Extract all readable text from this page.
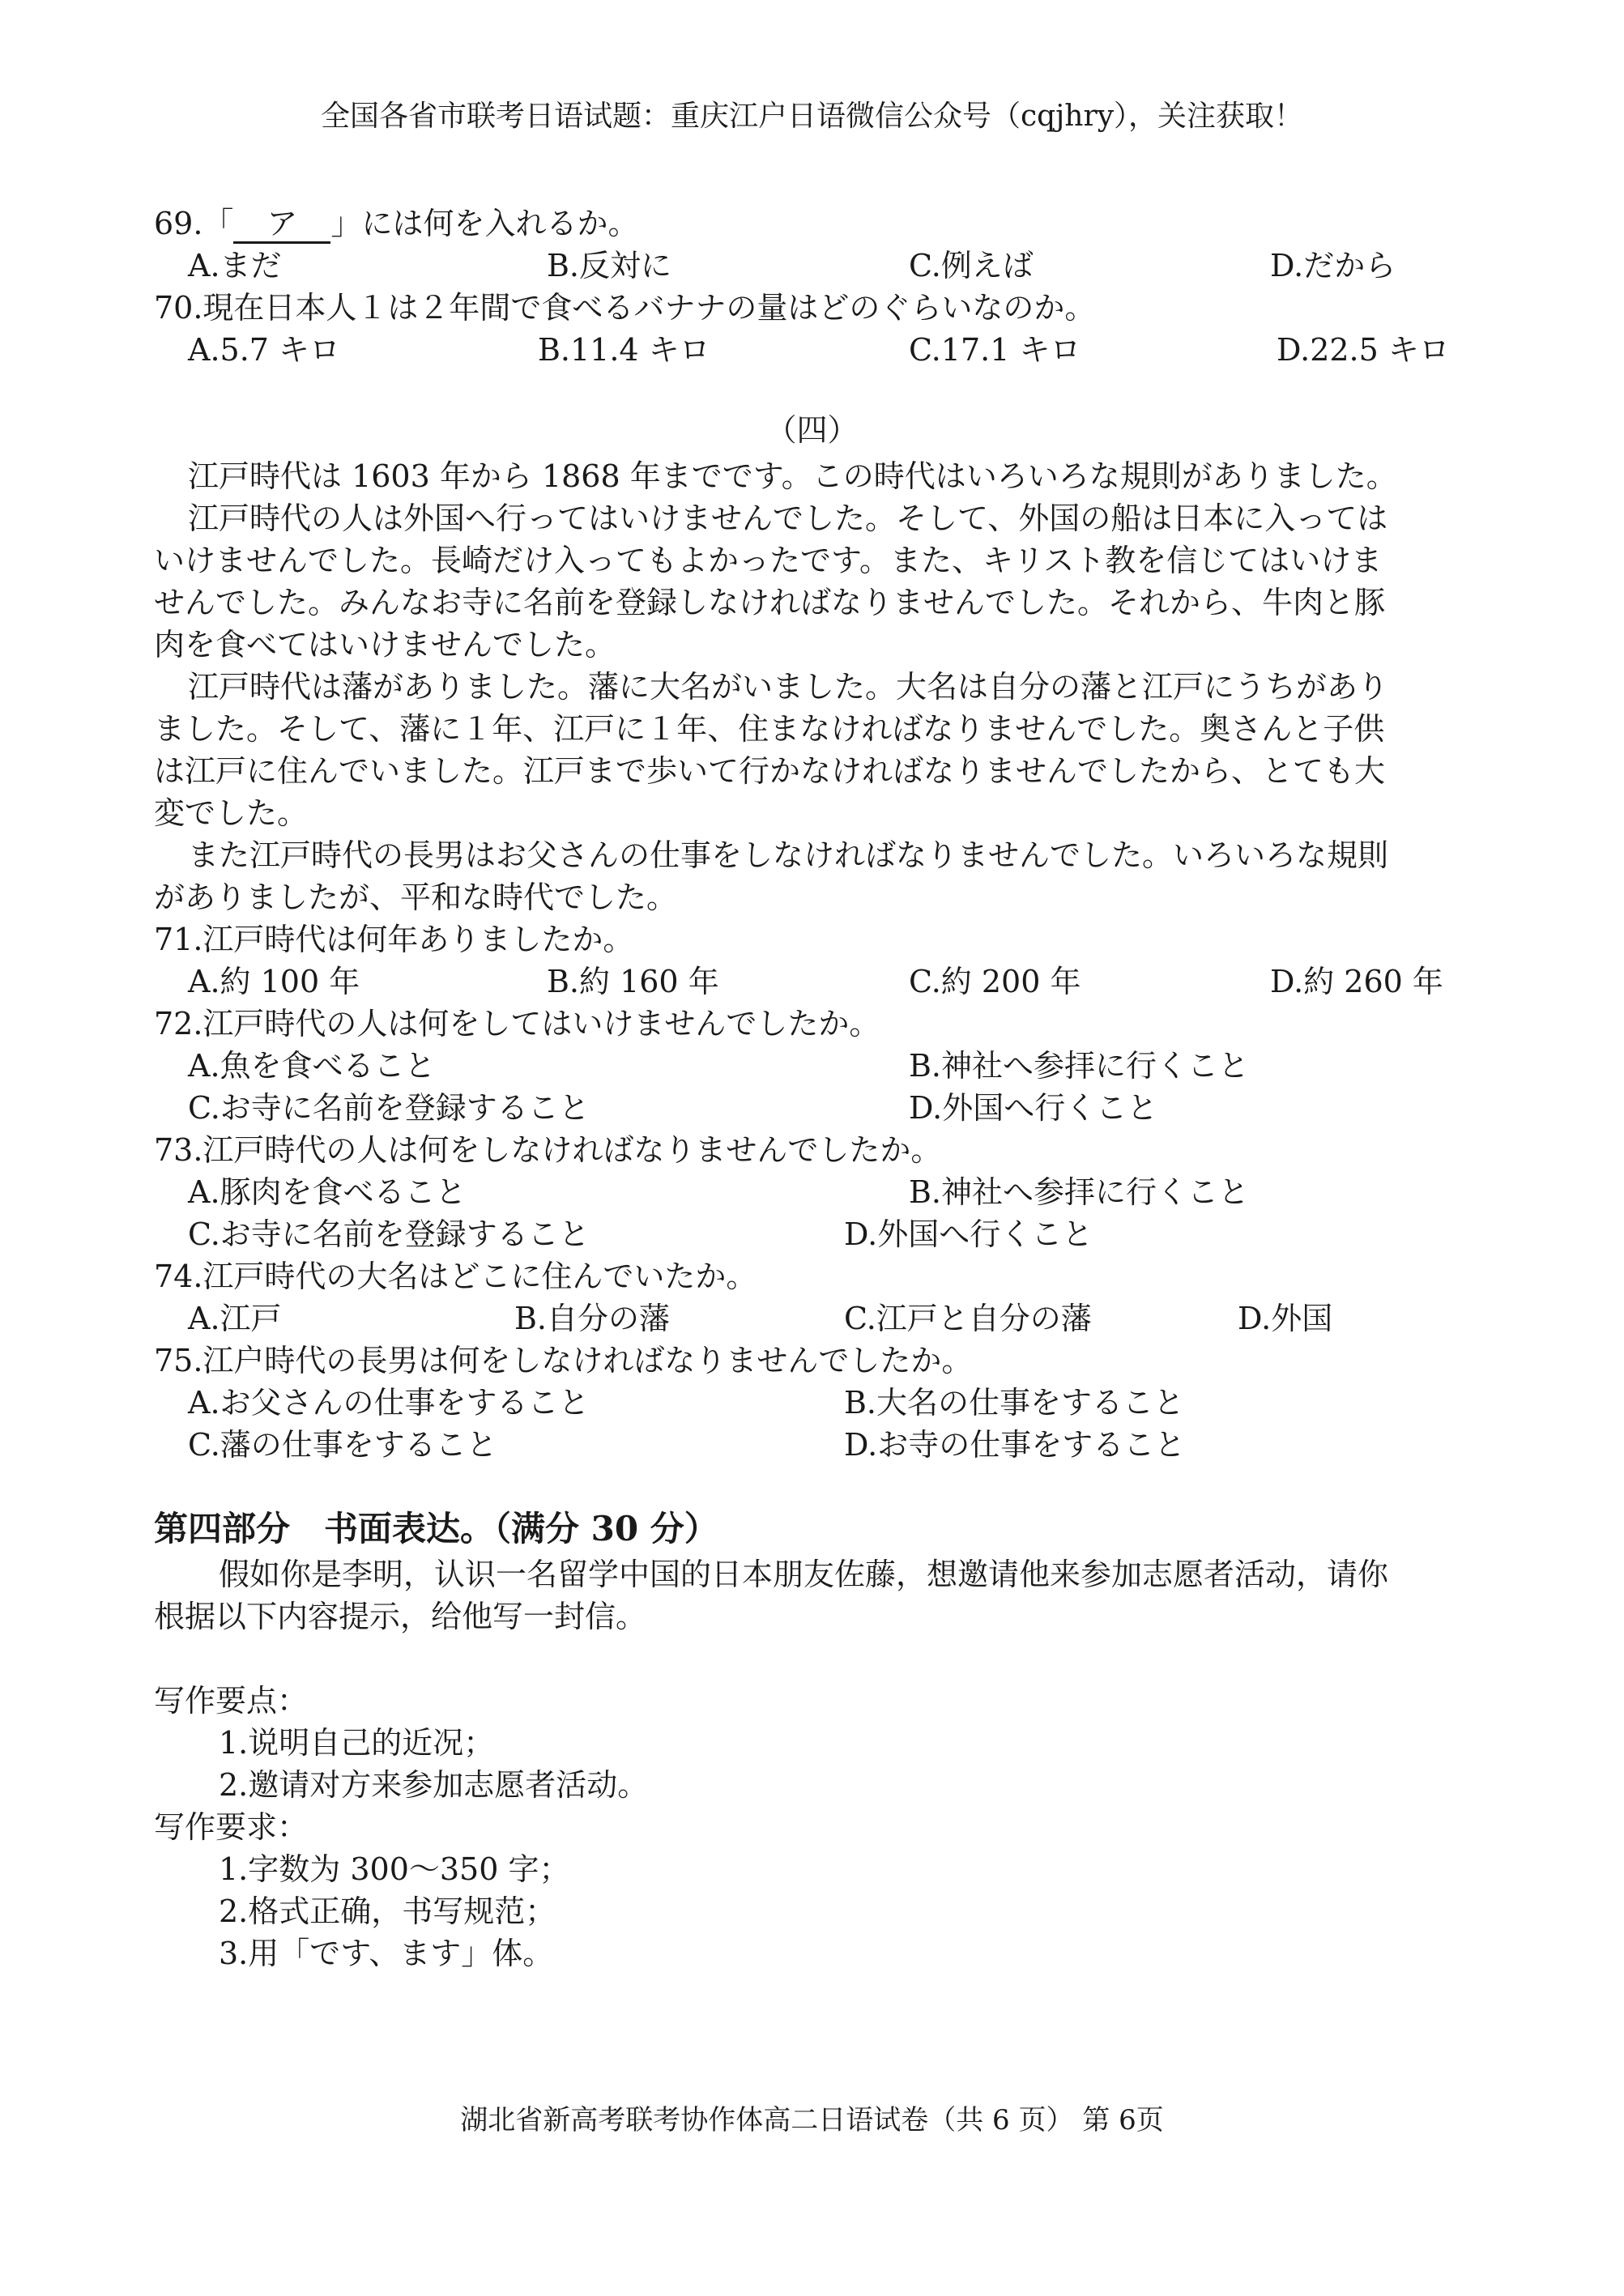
全国各省市联考日语试题：重庆江户日语微信公众号（cqjhry），关注获取！
69.「 ア 」には何を入れるか。
A.まだ	B.反対に	C.例えば	D.だから
70.現在日本人１は２年間で食べるバナナの量はどのぐらいなのか。
A.5.7 キロ	B.11.4 キロ	C.17.1 キロ	D.22.5 キロ
（四）
江戸時代は 1603 年から 1868 年までです。この時代はいろいろな規則がありました。
江戸時代の人は外国へ行ってはいけませんでした。そして、外国の船は日本に入っては
いけませんでした。長崎だけ入ってもよかったです。また、キリスト教を信じてはいけま
せんでした。みんなお寺に名前を登録しなければなりませんでした。それから、牛肉と豚
肉を食べてはいけませんでした。
江戸時代は藩がありました。藩に大名がいました。大名は自分の藩と江戸にうちがあり
ました。そして、藩に１年、江戸に１年、住まなければなりませんでした。奥さんと子供
は江戸に住んでいました。江戸まで歩いて行かなければなりませんでしたから、とても大
変でした。
また江戸時代の長男はお父さんの仕事をしなければなりませんでした。いろいろな規則
がありましたが、平和な時代でした。
71.江戸時代は何年ありましたか。
A.約 100 年	B.約 160 年	C.約 200 年	D.約 260 年
72.江戸時代の人は何をしてはいけませんでしたか。
A.魚を食べること	B.神社へ参拝に行くこと
C.お寺に名前を登録すること	D.外国へ行くこと
73.江戸時代の人は何をしなければなりませんでしたか。
A.豚肉を食べること	B.神社へ参拝に行くこと
C.お寺に名前を登録すること	D.外国へ行くこと
74.江戸時代の大名はどこに住んでいたか。
A.江戸	B.自分の藩	C.江戸と自分の藩	D.外国
75.江户時代の長男は何をしなければなりませんでしたか。
A.お父さんの仕事をすること	B.大名の仕事をすること
C.藩の仕事をすること	D.お寺の仕事をすること
第四部分　书面表达。（满分 30 分）
假如你是李明，认识一名留学中国的日本朋友佐藤，想邀请他来参加志愿者活动，请你
根据以下内容提示，给他写一封信。
写作要点：
1.说明自己的近况；
2.邀请对方来参加志愿者活动。
写作要求：
1.字数为 300～350 字；
2.格式正确，书写规范；
3.用「です、ます」体。
湖北省新高考联考协作体高二日语试卷（共 6 页） 第 6页
